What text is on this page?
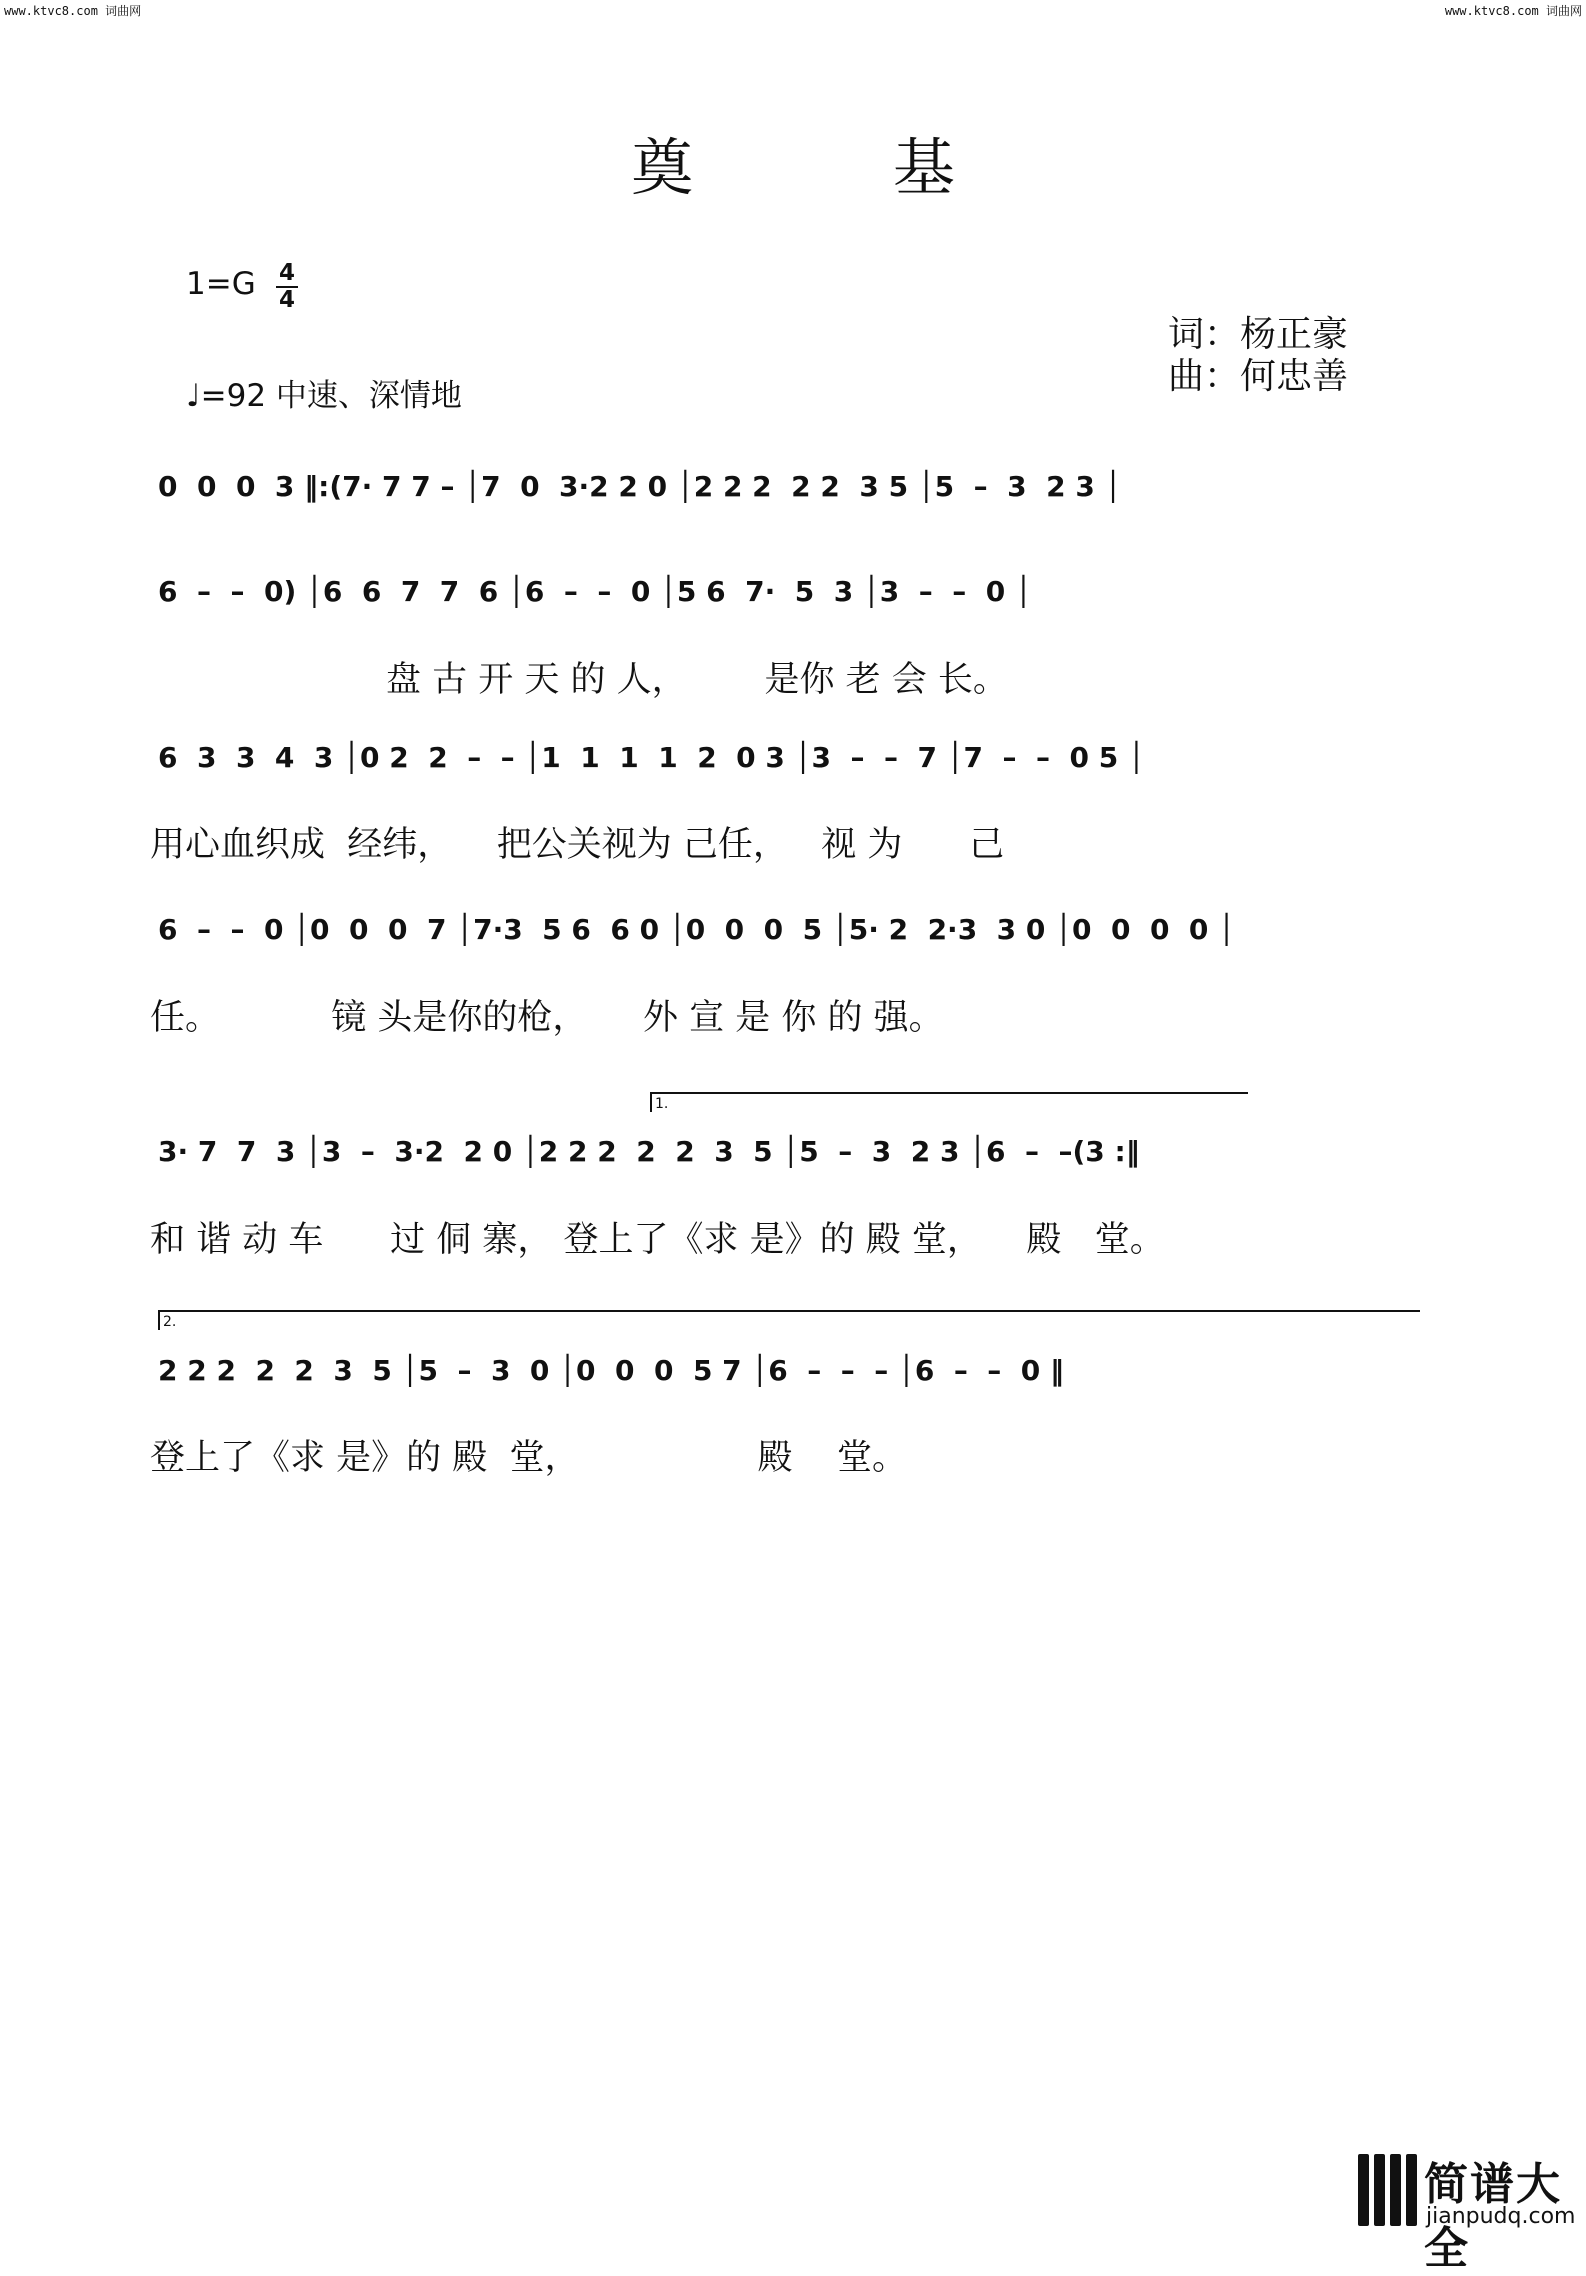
www.ktvc8.com 词曲网	www.ktvc8.com 词曲网
奠 基
1=G 4
4
♩=92 中速、深情地
词：杨正豪
曲：何忠善
0  0  0  3 ‖:(7· 7 7 – │7  0  3·2 2 0 │2 2 2  2 2  3 5 │5  –  3  2 3 │
6  –  –  0) │6  6  7  7  6 │6  –  –  0 │5 6  7·  5  3 │3  –  –  0 │
盘 古 开 天 的 人，       是你 老 会 长。
6  3  3  4  3 │0 2  2  –  – │1  1  1  1  2  0 3 │3  –  –  7 │7  –  –  0 5 │
用心血织成  经纬，    把公关视为 己任，   视 为      己
6  –  –  0 │0  0  0  7 │7·3  5 6  6 0 │0  0  0  5 │5· 2  2·3  3 0 │0  0  0  0 │
任。          镜 头是你的枪，     外 宣 是 你 的 强。
1.
3· 7  7  3 │3  –  3·2  2 0 │2 2 2  2  2  3  5 │5  –  3  2 3 │6  –  –(3 :‖
和 谐 动 车      过 侗 寨， 登上了《求 是》的 殿 堂，    殿   堂。
2.
2 2 2  2  2  3  5 │5  –  3  0 │0  0  0  5 7 │6  –  –  – │6  –  –  0 ‖
登上了《求 是》的 殿  堂，                殿    堂。
简谱大全
jianpudq.com
